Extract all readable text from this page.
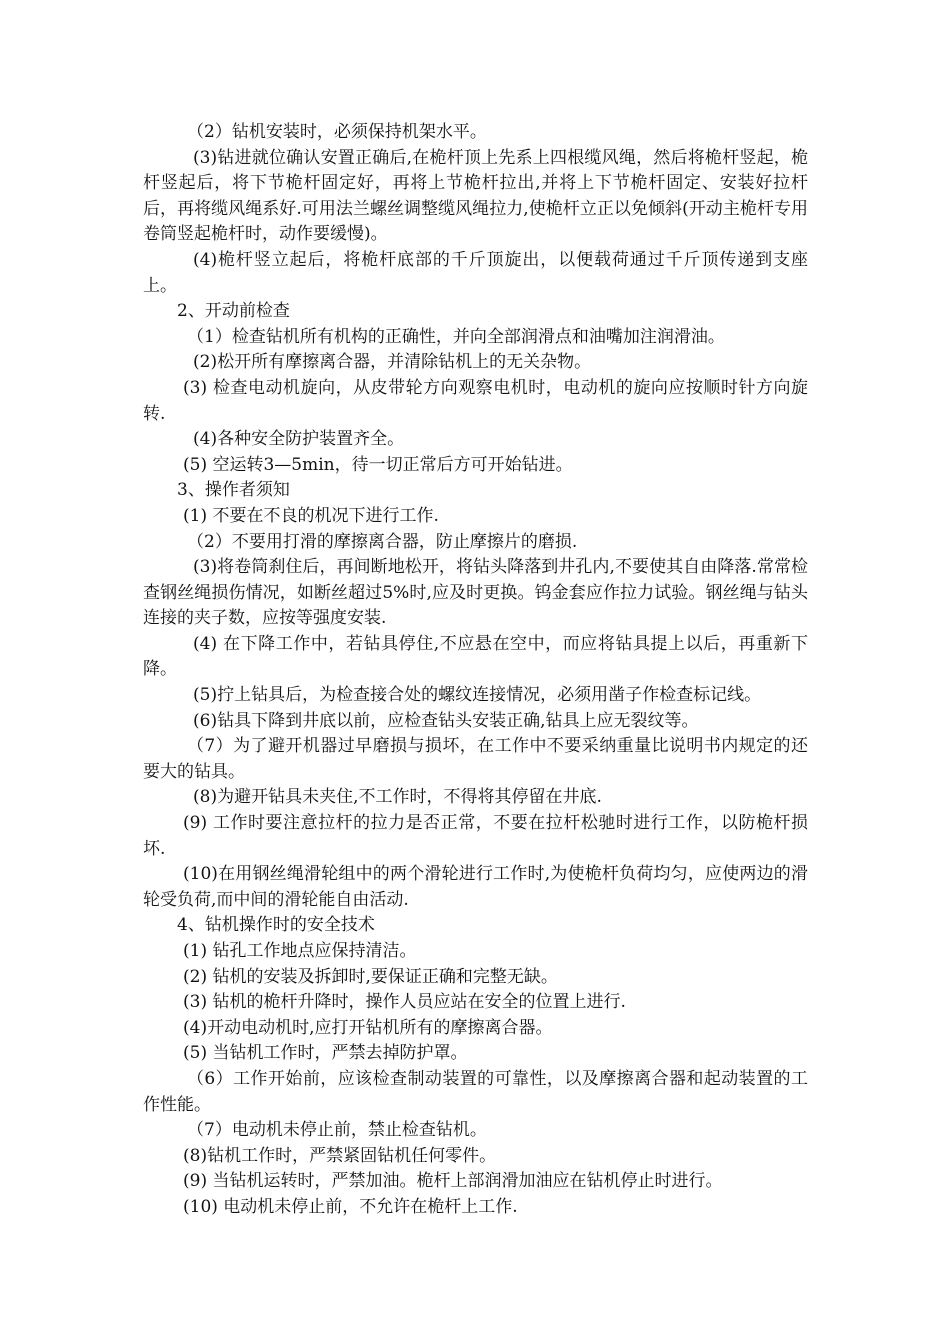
（2）钻机安装时，必须保持机架水平。

(3)钻进就位确认安置正确后,在桅杆顶上先系上四根缆风绳，然后将桅杆竖起，桅杆竖起后，将下节桅杆固定好，再将上节桅杆拉出,并将上下节桅杆固定、安装好拉杆后，再将缆风绳系好.可用法兰螺丝调整缆风绳拉力,使桅杆立正以免倾斜(开动主桅杆专用卷筒竖起桅杆时，动作要缓慢)。

(4)桅杆竖立起后，将桅杆底部的千斤顶旋出，以便载荷通过千斤顶传递到支座上。

2、开动前检查

（1）检查钻机所有机构的正确性，并向全部润滑点和油嘴加注润滑油。

(2)松开所有摩擦离合器，并清除钻机上的无关杂物。

(3) 检查电动机旋向，从皮带轮方向观察电机时，电动机的旋向应按顺时针方向旋转.

(4)各种安全防护装置齐全。

(5) 空运转3—5min，待一切正常后方可开始钻进。

3、操作者须知

(1) 不要在不良的机况下进行工作.

（2）不要用打滑的摩擦离合器，防止摩擦片的磨损.

(3)将卷筒刹住后，再间断地松开，将钻头降落到井孔内,不要使其自由降落.常常检查钢丝绳损伤情况，如断丝超过5%时,应及时更换。钨金套应作拉力试验。钢丝绳与钻头连接的夹子数，应按等强度安装.

(4) 在下降工作中，若钻具停住,不应悬在空中，而应将钻具提上以后，再重新下降。

(5)拧上钻具后，为检查接合处的螺纹连接情况，必须用凿子作检查标记线。

(6)钻具下降到井底以前，应检查钻头安装正确,钻具上应无裂纹等。

（7）为了避开机器过早磨损与损坏，在工作中不要采纳重量比说明书内规定的还要大的钻具。

(8)为避开钻具未夹住,不工作时，不得将其停留在井底.

(9) 工作时要注意拉杆的拉力是否正常，不要在拉杆松驰时进行工作，以防桅杆损坏.

(10)在用钢丝绳滑轮组中的两个滑轮进行工作时,为使桅杆负荷均匀，应使两边的滑轮受负荷,而中间的滑轮能自由活动.

4、钻机操作时的安全技术

(1) 钻孔工作地点应保持清洁。

(2) 钻机的安装及拆卸时,要保证正确和完整无缺。

(3) 钻机的桅杆升降时，操作人员应站在安全的位置上进行.

(4)开动电动机时,应打开钻机所有的摩擦离合器。

(5) 当钻机工作时，严禁去掉防护罩。

（6）工作开始前，应该检查制动装置的可靠性，以及摩擦离合器和起动装置的工作性能。

（7）电动机未停止前，禁止检查钻机。

(8)钻机工作时，严禁紧固钻机任何零件。

(9) 当钻机运转时，严禁加油。桅杆上部润滑加油应在钻机停止时进行。

(10) 电动机未停止前，不允许在桅杆上工作.
